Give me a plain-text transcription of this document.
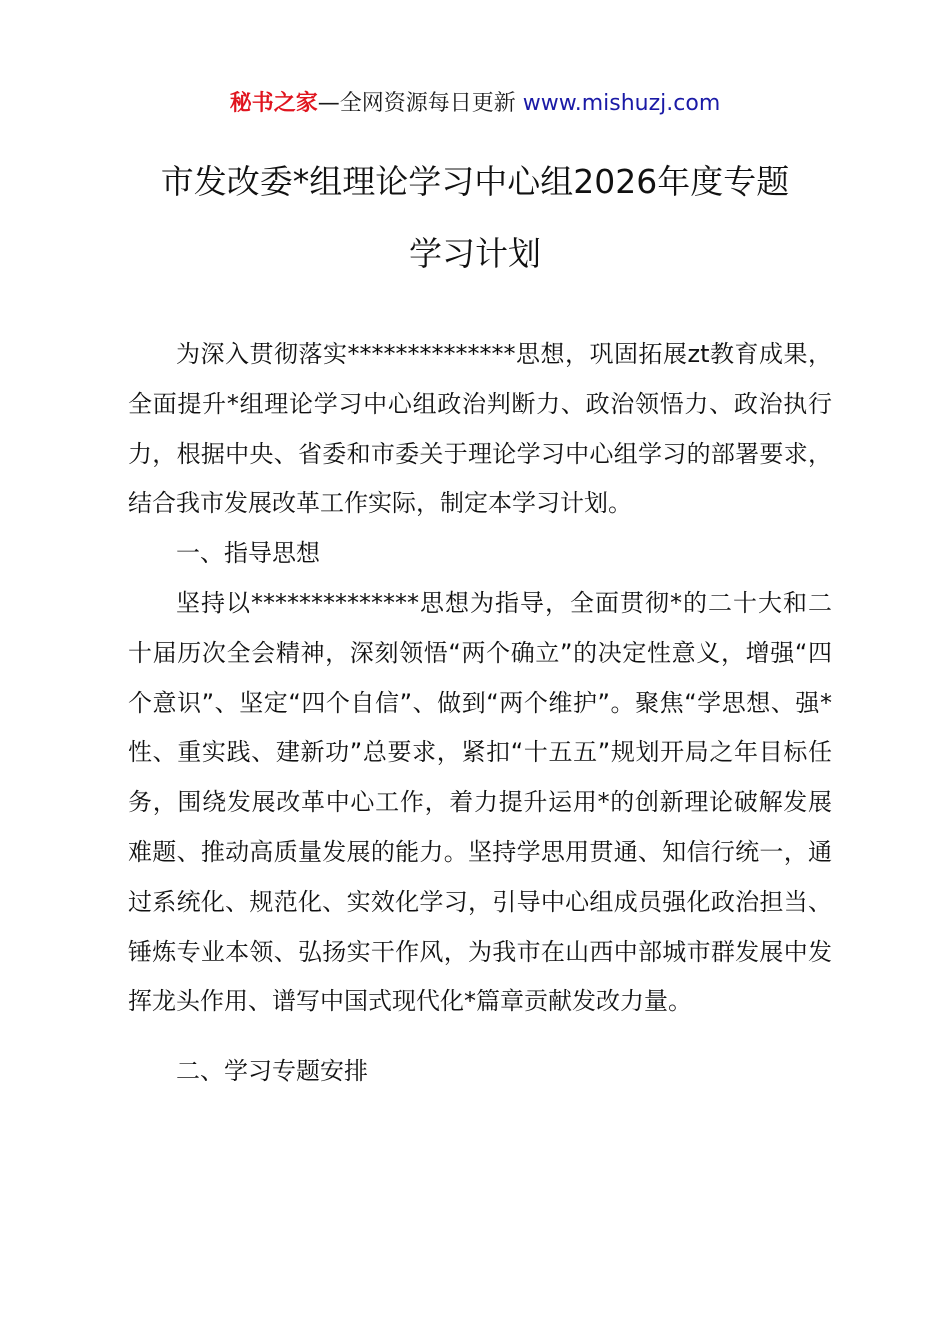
秘书之家—全网资源每日更新 www.mishuzj.com
市发改委*组理论学习中心组2026年度专题
学习计划

为深入贯彻落实**************思想，巩固拓展zt教育成果，全面提升*组理论学习中心组政治判断力、政治领悟力、政治执行力，根据中央、省委和市委关于理论学习中心组学习的部署要求，结合我市发展改革工作实际，制定本学习计划。

一、指导思想

坚持以**************思想为指导，全面贯彻*的二十大和二十届历次全会精神，深刻领悟“两个确立”的决定性意义，增强“四个意识”、坚定“四个自信”、做到“两个维护”。聚焦“学思想、强*性、重实践、建新功”总要求，紧扣“十五五”规划开局之年目标任务，围绕发展改革中心工作，着力提升运用*的创新理论破解发展难题、推动高质量发展的能力。坚持学思用贯通、知信行统一，通过系统化、规范化、实效化学习，引导中心组成员强化政治担当、锤炼专业本领、弘扬实干作风，为我市在山西中部城市群发展中发挥龙头作用、谱写中国式现代化*篇章贡献发改力量。

二、学习专题安排
